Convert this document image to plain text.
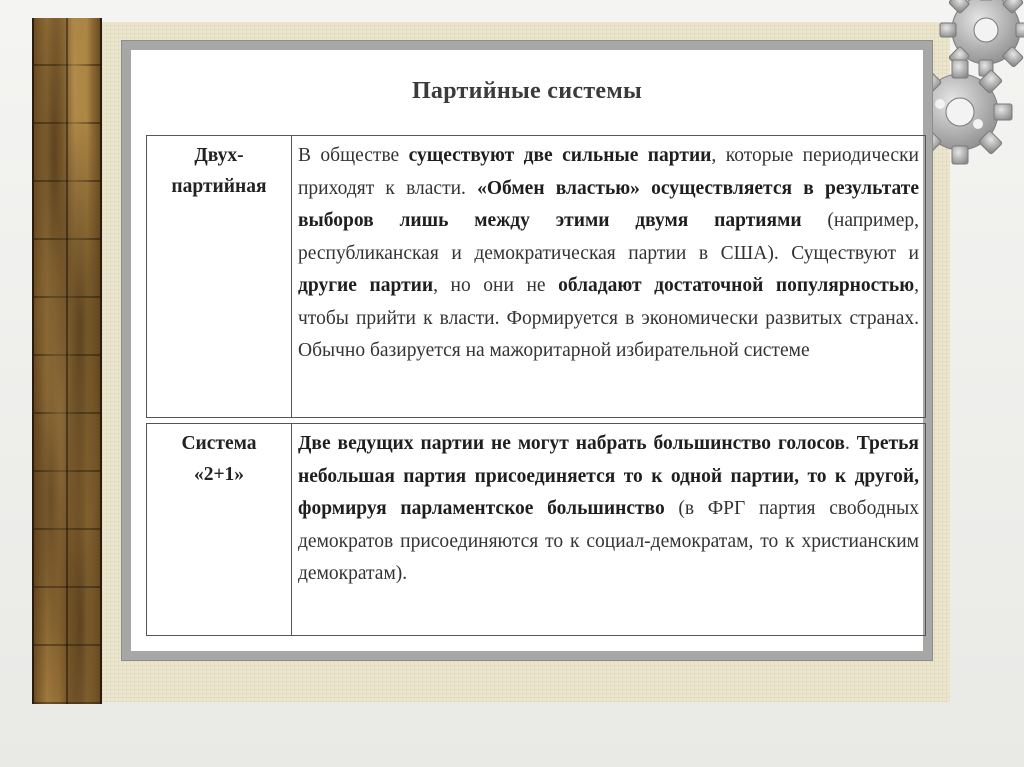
Партийные системы
Двух-
партийная	В обществе существуют две сильные партии, которые периодически приходят к власти. «Обмен властью» осуществляется в результате выборов лишь между этими двумя партиями (например, республиканская и демократическая партии в США). Существуют и другие партии, но они не обладают достаточной популярностью, чтобы прийти к власти. Формируется в экономически развитых странах. Обычно базируется на мажоритарной избирательной системе
Система
«2+1»	Две ведущих партии не могут набрать большинство голосов. Третья небольшая партия присоединяется то к одной партии, то к другой, формируя парламентское большинство (в ФРГ партия свободных демократов присоединяются то к социал-демократам, то к христианским демократам).
